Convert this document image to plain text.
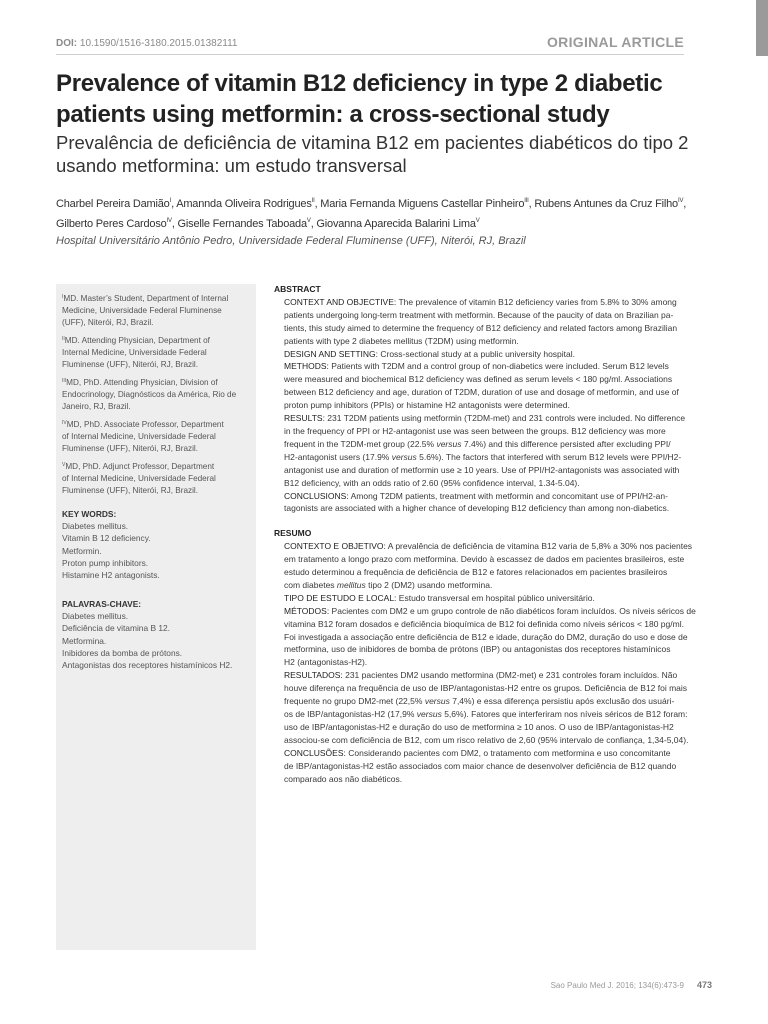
DOI: 10.1590/1516-3180.2015.01382111	ORIGINAL ARTICLE
Prevalence of vitamin B12 deficiency in type 2 diabetic
patients using metformin: a cross-sectional study
Prevalência de deficiência de vitamina B12 em pacientes diabéticos do tipo 2
usando metformina: um estudo transversal
Charbel Pereira Damião$^I$, Amannda Oliveira Rodrigues$^{II}$, Maria Fernanda Miguens Castellar Pinheiro$^{III}$, Rubens Antunes da Cruz Filho$^{IV}$,
Gilberto Peres Cardoso$^{IV}$, Giselle Fernandes Taboada$^V$, Giovanna Aparecida Balarini Lima$^V$
Hospital Universitário Antônio Pedro, Universidade Federal Fluminense (UFF), Niterói, RJ, Brazil
$^I$MD. Master’s Student, Department of Internal
Medicine, Universidade Federal Fluminense
(UFF), Niterói, RJ, Brazil.
$^{II}$MD. Attending Physician, Department of
Internal Medicine, Universidade Federal
Fluminense (UFF), Niterói, RJ, Brazil.
$^{III}$MD, PhD. Attending Physician, Division of
Endocrinology, Diagnósticos da América, Rio de
Janeiro, RJ, Brazil.
$^{IV}$MD, PhD. Associate Professor, Department
of Internal Medicine, Universidade Federal
Fluminense (UFF), Niterói, RJ, Brazil.
$^V$MD, PhD. Adjunct Professor, Department
of Internal Medicine, Universidade Federal
Fluminense (UFF), Niterói, RJ, Brazil.
KEY WORDS:
Diabetes mellitus.
Vitamin B 12 deficiency.
Metformin.
Proton pump inhibitors.
Histamine H2 antagonists.
PALAVRAS-CHAVE:
Diabetes mellitus.
Deficiência de vitamina B 12.
Metformina.
Inibidores da bomba de prótons.
Antagonistas dos receptores histamínicos H2.
ABSTRACT
CONTEXT AND OBJECTIVE: The prevalence of vitamin B12 deficiency varies from 5.8% to 30% among
patients undergoing long-term treatment with metformin. Because of the paucity of data on Brazilian pa-
tients, this study aimed to determine the frequency of B12 deficiency and related factors among Brazilian
patients with type 2 diabetes mellitus (T2DM) using metformin.
DESIGN AND SETTING: Cross-sectional study at a public university hospital.
METHODS: Patients with T2DM and a control group of non-diabetics were included. Serum B12 levels
were measured and biochemical B12 deficiency was defined as serum levels < 180 pg/ml. Associations
between B12 deficiency and age, duration of T2DM, duration of use and dosage of metformin, and use of
proton pump inhibitors (PPIs) or histamine H2 antagonists were determined.
RESULTS: 231 T2DM patients using metformin (T2DM-met) and 231 controls were included. No difference
in the frequency of PPI or H2-antagonist use was seen between the groups. B12 deficiency was more
frequent in the T2DM-met group (22.5% versus 7.4%) and this difference persisted after excluding PPI/
H2-antagonist users (17.9% versus 5.6%). The factors that interfered with serum B12 levels were PPI/H2-
antagonist use and duration of metformin use ≥ 10 years. Use of PPI/H2-antagonists was associated with
B12 deficiency, with an odds ratio of 2.60 (95% confidence interval, 1.34-5.04).
CONCLUSIONS: Among T2DM patients, treatment with metformin and concomitant use of PPI/H2-an-
tagonists are associated with a higher chance of developing B12 deficiency than among non-diabetics.
RESUMO
CONTEXTO E OBJETIVO: A prevalência de deficiência de vitamina B12 varia de 5,8% a 30% nos pacientes
em tratamento a longo prazo com metformina. Devido à escassez de dados em pacientes brasileiros, este
estudo determinou a frequência de deficiência de B12 e fatores relacionados em pacientes brasileiros
com diabetes mellitus tipo 2 (DM2) usando metformina.
TIPO DE ESTUDO E LOCAL: Estudo transversal em hospital público universitário.
MÉTODOS: Pacientes com DM2 e um grupo controle de não diabéticos foram incluídos. Os níveis séricos de
vitamina B12 foram dosados e deficiência bioquímica de B12 foi definida como níveis séricos < 180 pg/ml.
Foi investigada a associação entre deficiência de B12 e idade, duração do DM2, duração do uso e dose de
metformina, uso de inibidores de bomba de prótons (IBP) ou antagonistas dos receptores histamínicos
H2 (antagonistas-H2).
RESULTADOS: 231 pacientes DM2 usando metformina (DM2-met) e 231 controles foram incluídos. Não
houve diferença na frequência de uso de IBP/antagonistas-H2 entre os grupos. Deficiência de B12 foi mais
frequente no grupo DM2-met (22,5% versus 7,4%) e essa diferença persistiu após exclusão dos usuári-
os de IBP/antagonistas-H2 (17,9% versus 5,6%). Fatores que interferiram nos níveis séricos de B12 foram:
uso de IBP/antagonistas-H2 e duração do uso de metformina ≥ 10 anos. O uso de IBP/antagonistas-H2
associou-se com deficiência de B12, com um risco relativo de 2,60 (95% intervalo de confiança, 1,34-5,04).
CONCLUSÕES: Considerando pacientes com DM2, o tratamento com metformina e uso concomitante
de IBP/antagonistas-H2 estão associados com maior chance de desenvolver deficiência de B12 quando
comparado aos não diabéticos.
Sao Paulo Med J. 2016; 134(6):473-9 473
